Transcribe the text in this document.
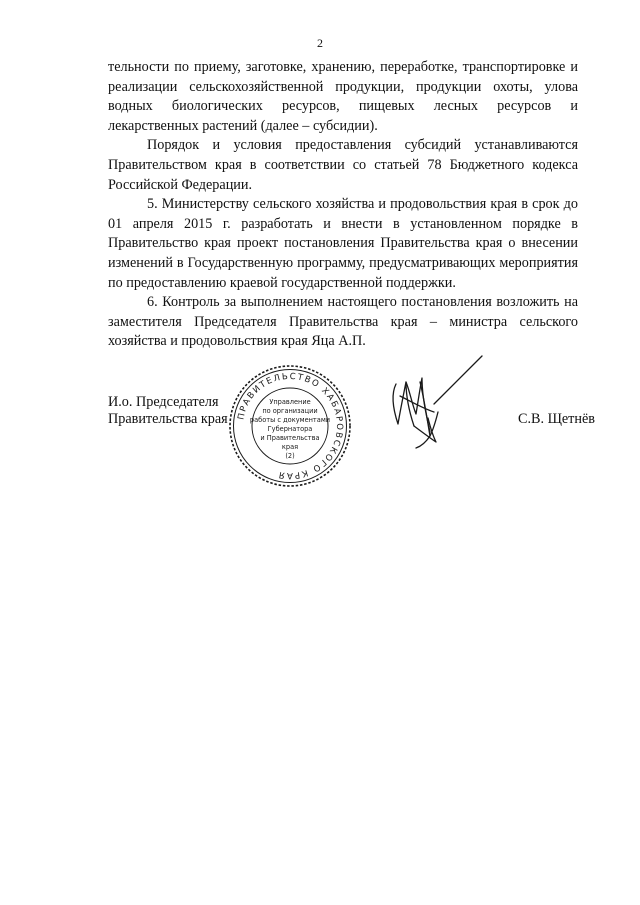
2

тельности по приему, заготовке, хранению, переработке, транспортировке и реализации сельскохозяйственной продукции, продукции охоты, улова водных биологических ресурсов, пищевых лесных ресурсов и лекарственных растений (далее – субсидии).

Порядок и условия предоставления субсидий устанавливаются Правительством края в соответствии со статьей 78 Бюджетного кодекса Российской Федерации.

5. Министерству сельского хозяйства и продовольствия края в срок до 01 апреля 2015 г. разработать и внести в установленном порядке в Правительство края проект постановления Правительства края о внесении изменений в Государственную программу, предусматривающих мероприятия по предоставлению краевой государственной поддержки.

6. Контроль за выполнением настоящего постановления возложить на заместителя Председателя Правительства края – министра сельского хозяйства и продовольствия края Яца А.П.

И.о. Председателя
Правительства края ПРАВИТЕЛЬСТВО ХАБАРОВСКОГО КРАЯ
Управление
по организации
работы с документами
Губернатора
и Правительства
края
(2)
С.В. Щетнёв
